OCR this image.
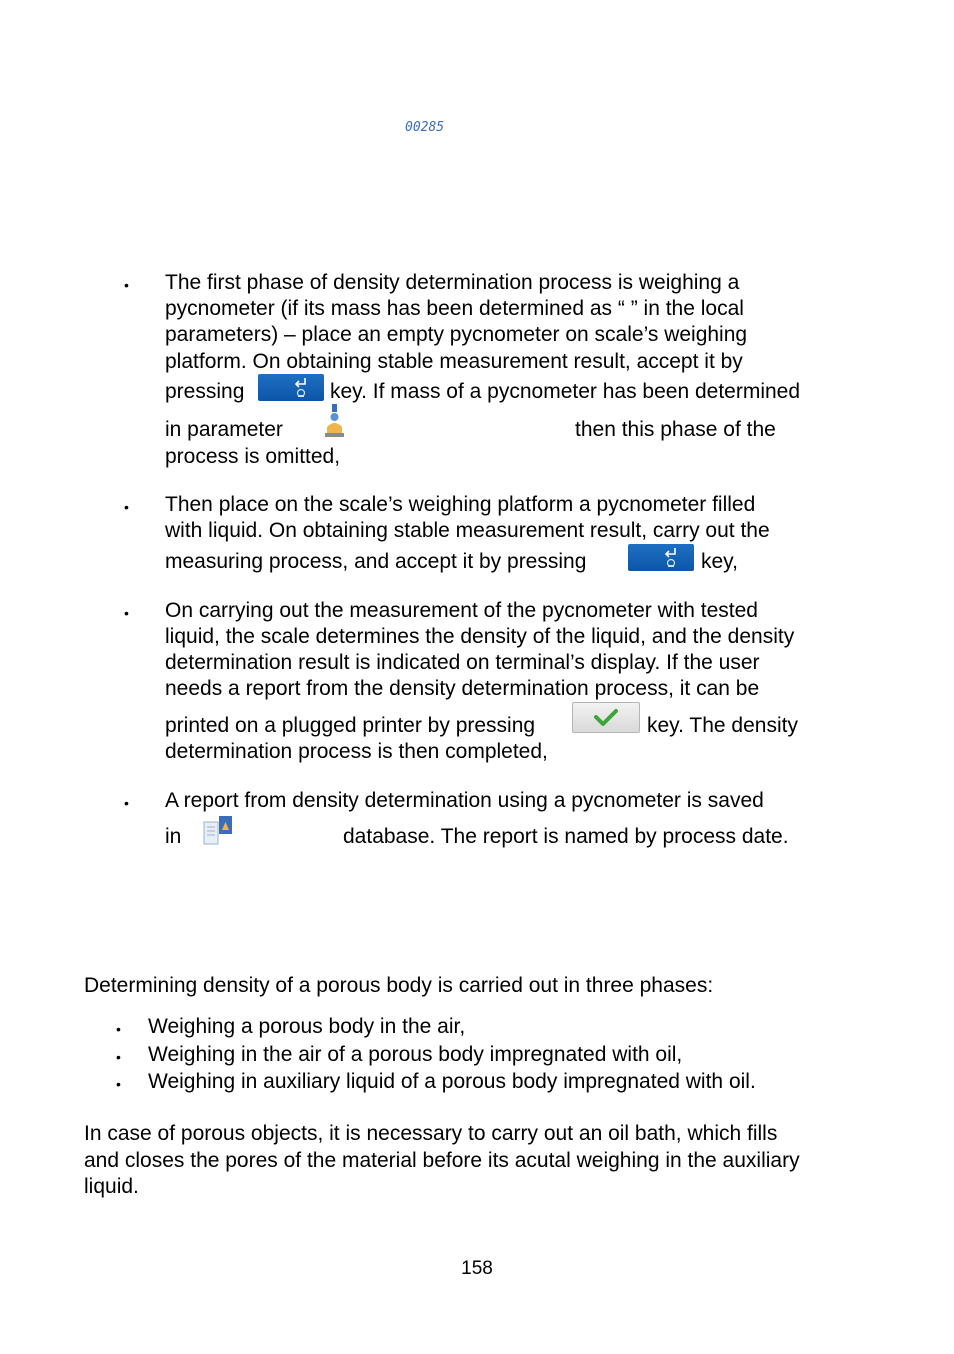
00285
• The first phase of density determination process is weighing a
pycnometer (if its mass has been determined as “ ” in the local
parameters) – place an empty pycnometer on scale’s weighing
platform. On obtaining stable measurement result, accept it by
pressing	key. If mass of a pycnometer has been determined
in parameter	then this phase of the
process is omitted,
• Then place on the scale’s weighing platform a pycnometer filled
with liquid. On obtaining stable measurement result, carry out the
measuring process, and accept it by pressing	key,
• On carrying out the measurement of the pycnometer with tested
liquid, the scale determines the density of the liquid, and the density
determination result is indicated on terminal’s display. If the user
needs a report from the density determination process, it can be
printed on a plugged printer by pressing	key. The density
determination process is then completed,
• A report from density determination using a pycnometer is saved
in	database. The report is named by process date.
Determining density of a porous body is carried out in three phases:
• Weighing a porous body in the air,
• Weighing in the air of a porous body impregnated with oil,
• Weighing in auxiliary liquid of a porous body impregnated with oil.
In case of porous objects, it is necessary to carry out an oil bath, which fills
and closes the pores of the material before its acutal weighing in the auxiliary
liquid.
158
